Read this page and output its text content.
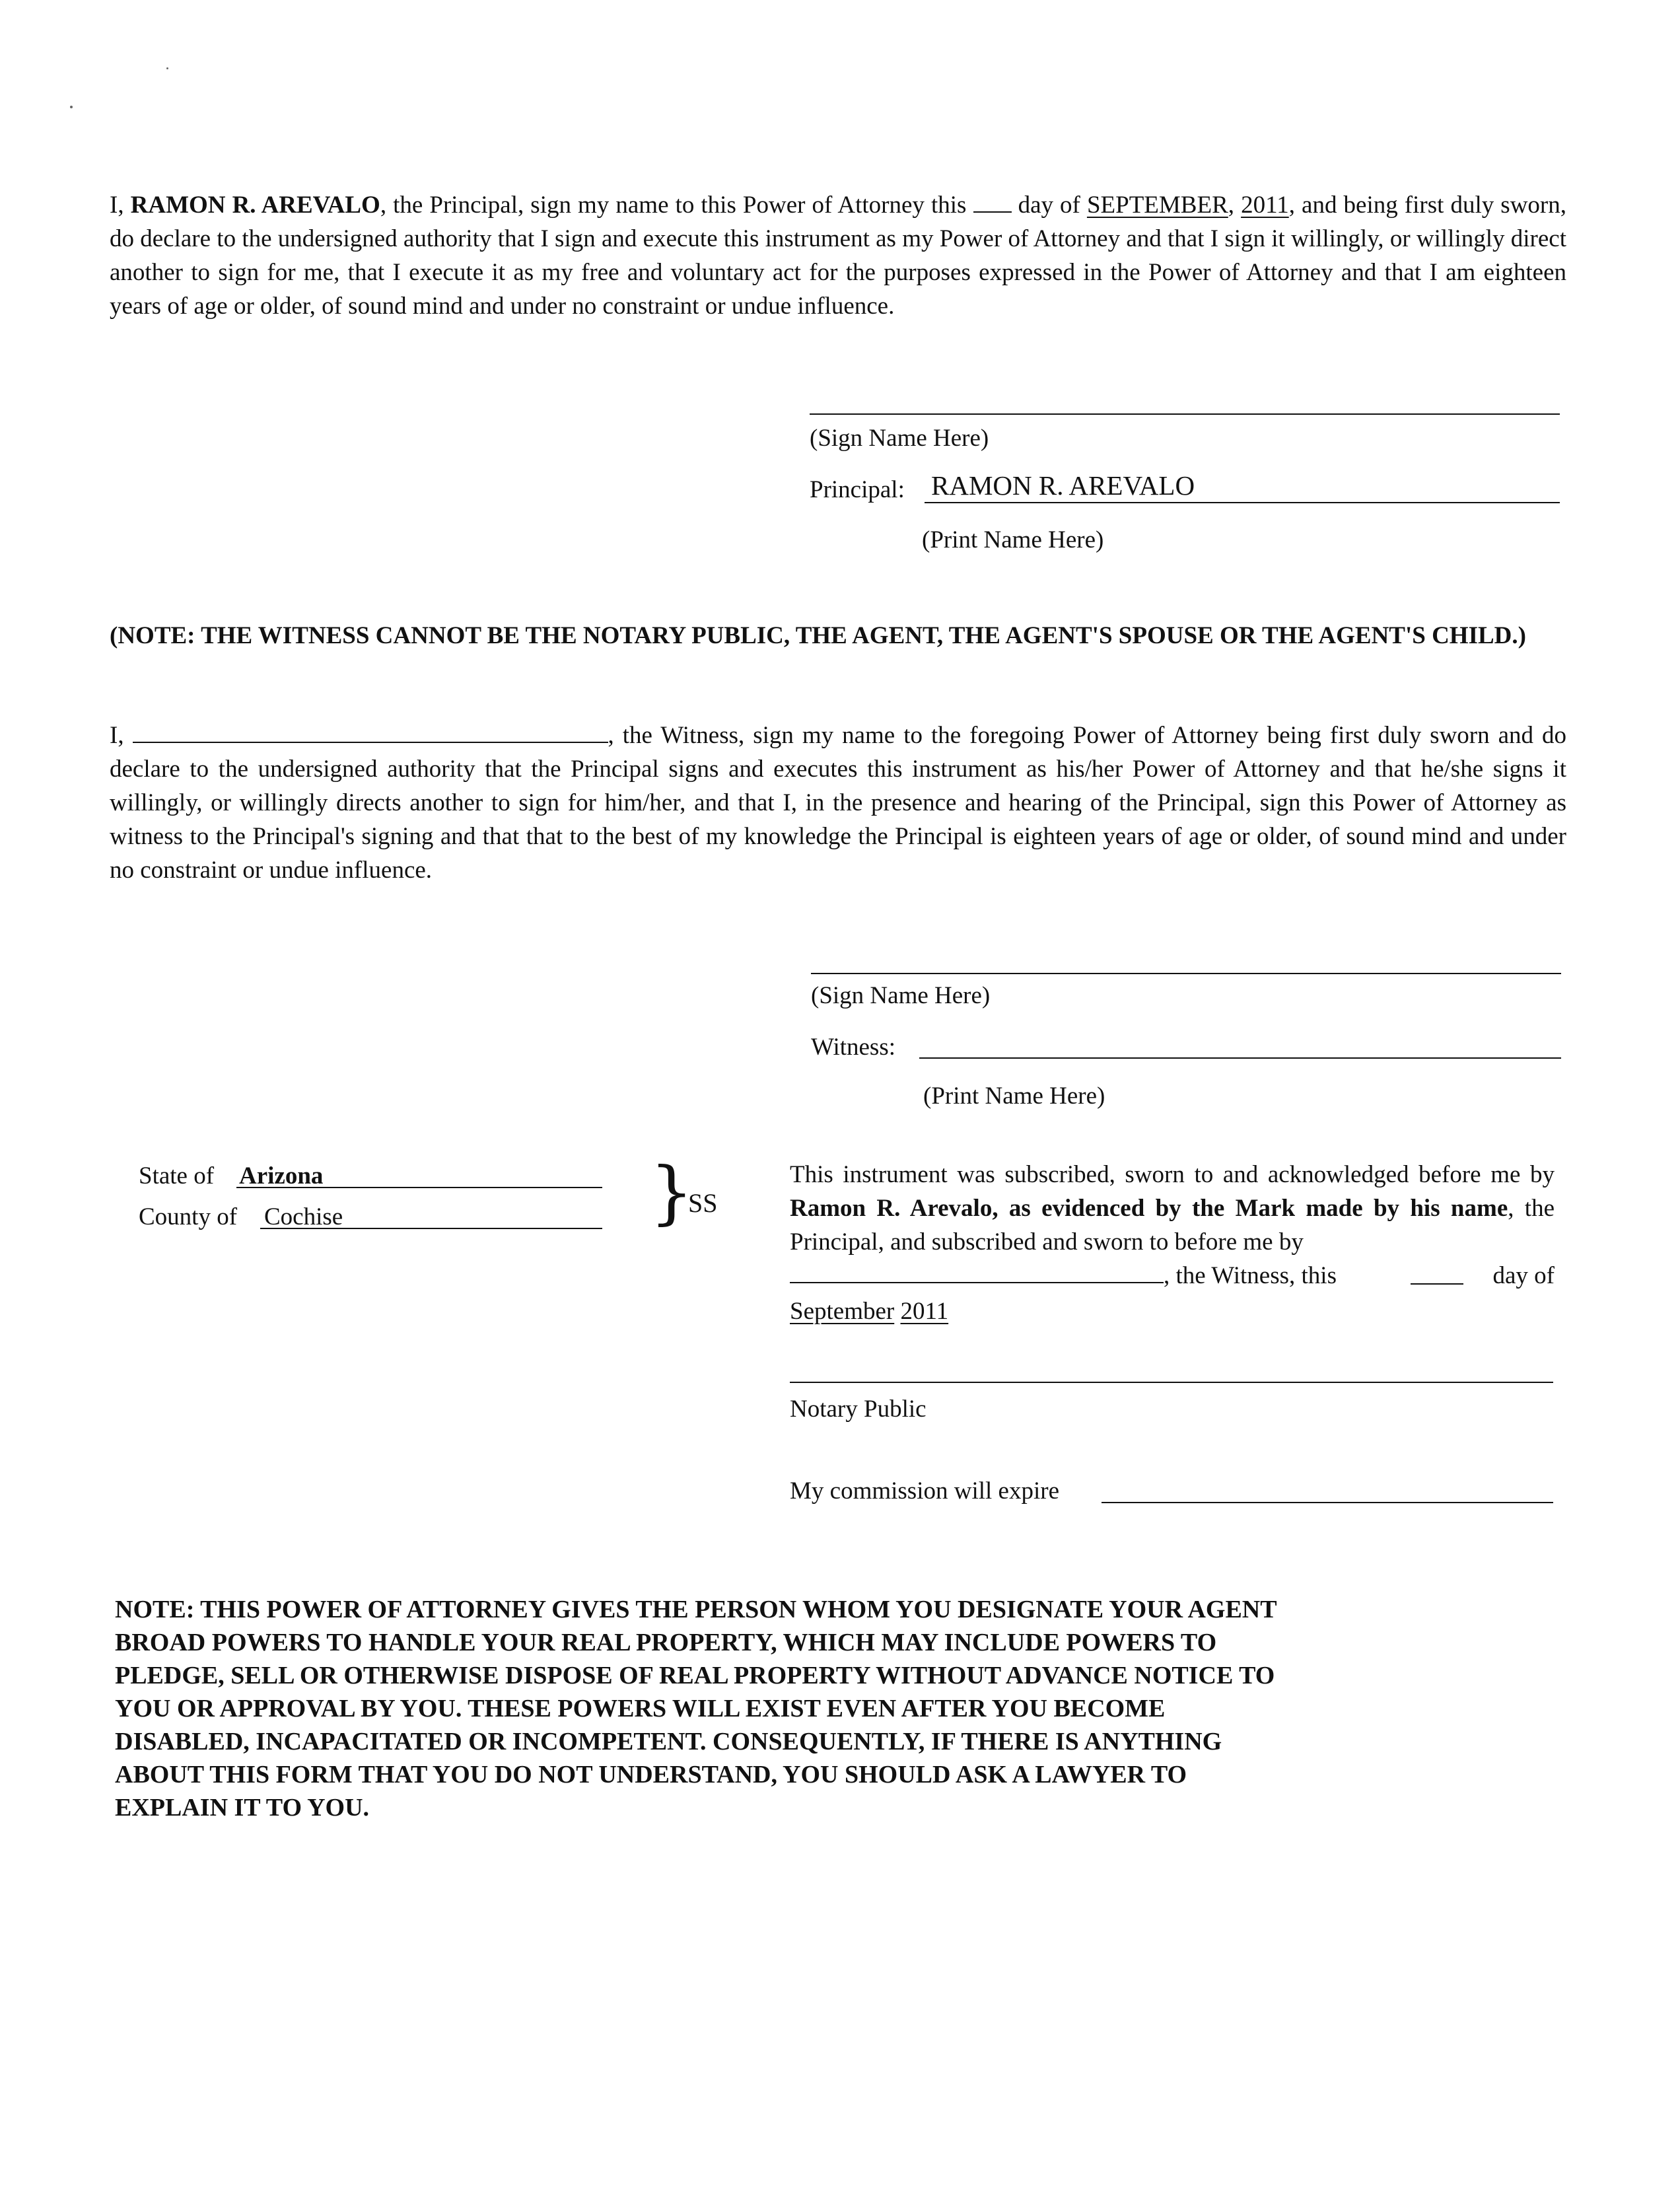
I, RAMON R. AREVALO, the Principal, sign my name to this Power of Attorney this  day of SEPTEMBER, 2011, and being first duly sworn, do declare to the undersigned authority that I sign and execute this instrument as my Power of Attorney and that I sign it willingly, or willingly direct another to sign for me, that I execute it as my free and voluntary act for the purposes expressed in the Power of Attorney and that I am eighteen years of age or older, of sound mind and under no constraint or undue influence.
(Sign Name Here)
Principal: RAMON R. AREVALO
(Print Name Here)
(NOTE: THE WITNESS CANNOT BE THE NOTARY PUBLIC, THE AGENT, THE AGENT'S SPOUSE OR THE AGENT'S CHILD.)
I,	, the Witness, sign my name to the foregoing Power of Attorney being first duly sworn and do declare to the undersigned authority that the Principal signs and executes this instrument as his/her Power of Attorney and that he/she signs it willingly, or willingly directs another to sign for him/her, and that I, in the presence and hearing of the Principal, sign this Power of Attorney as witness to the Principal's signing and that that to the best of my knowledge the Principal is eighteen years of age or older, of sound mind and under no constraint or undue influence.
(Sign Name Here)
Witness:
(Print Name Here)
State of Arizona
County of Cochise	}
SS
This instrument was subscribed, sworn to and acknowledged before me by Ramon R. Arevalo, as evidenced by the Mark made by his name, the Principal, and subscribed and sworn to before me by
, the Witness, this	day of
September 2011
Notary Public
My commission will expire
NOTE: THIS POWER OF ATTORNEY GIVES THE PERSON WHOM YOU DESIGNATE YOUR AGENT
BROAD POWERS TO HANDLE YOUR REAL PROPERTY, WHICH MAY INCLUDE POWERS TO
PLEDGE, SELL OR OTHERWISE DISPOSE OF REAL PROPERTY WITHOUT ADVANCE NOTICE TO
YOU OR APPROVAL BY YOU. THESE POWERS WILL EXIST EVEN AFTER YOU BECOME
DISABLED, INCAPACITATED OR INCOMPETENT. CONSEQUENTLY, IF THERE IS ANYTHING
ABOUT THIS FORM THAT YOU DO NOT UNDERSTAND, YOU SHOULD ASK A LAWYER TO
EXPLAIN IT TO YOU.
